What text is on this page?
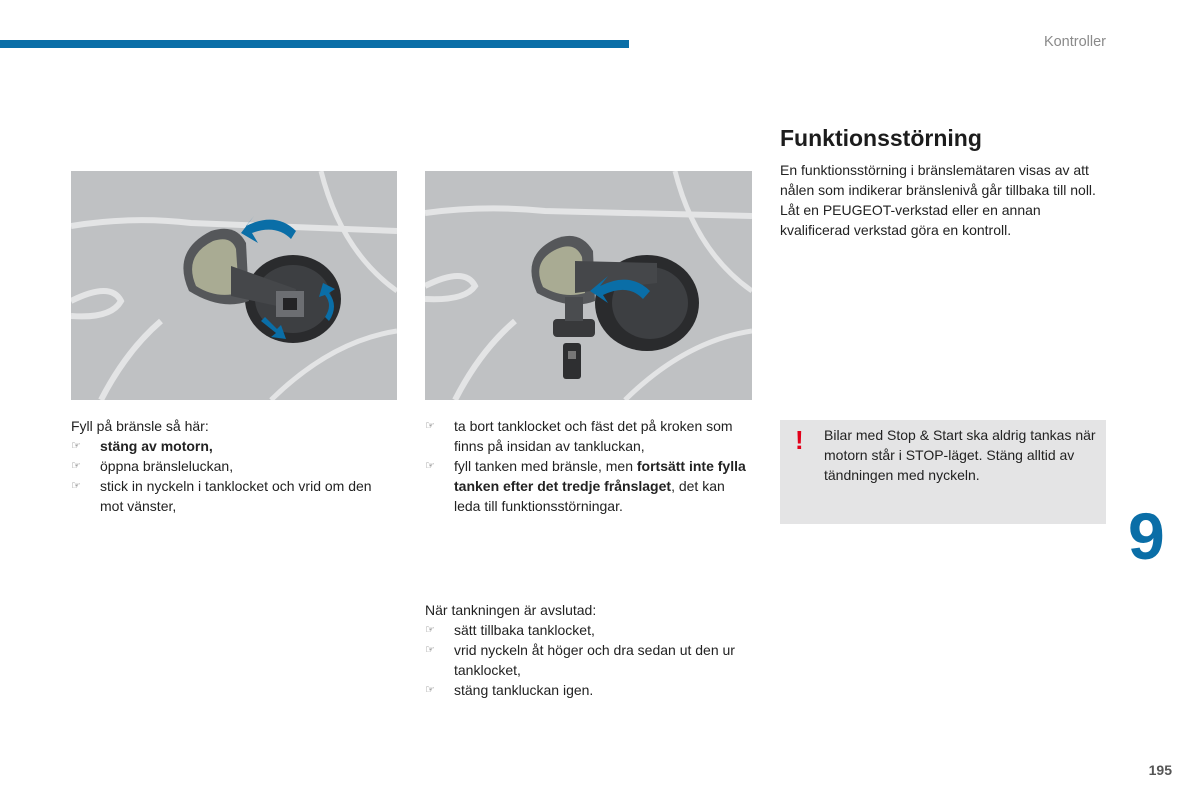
Kontroller

Fyll på bränsle så här:

☞	stäng av motorn,
☞	öppna bränsleluckan,
☞	stick in nyckeln i tanklocket och vrid om den mot vänster,
☞	ta bort tanklocket och fäst det på kroken som finns på insidan av tankluckan,
☞	fyll tanken med bränsle, men fortsätt inte fylla tanken efter det tredje frånslaget, det kan leda till funktionsstörningar.

När tankningen är avslutad:

☞	sätt tillbaka tanklocket,
☞	vrid nyckeln åt höger och dra sedan ut den ur tanklocket,
☞	stäng tankluckan igen.
Funktionsstörning

En funktionsstörning i bränslemätaren visas av att nålen som indikerar bränslenivå går tillbaka till noll.

Låt en PEUGEOT-verkstad eller en annan kvalificerad verkstad göra en kontroll.

! Bilar med Stop & Start ska aldrig tankas när motorn står i STOP-läget. Stäng alltid av tändningen med nyckeln.
9
195
